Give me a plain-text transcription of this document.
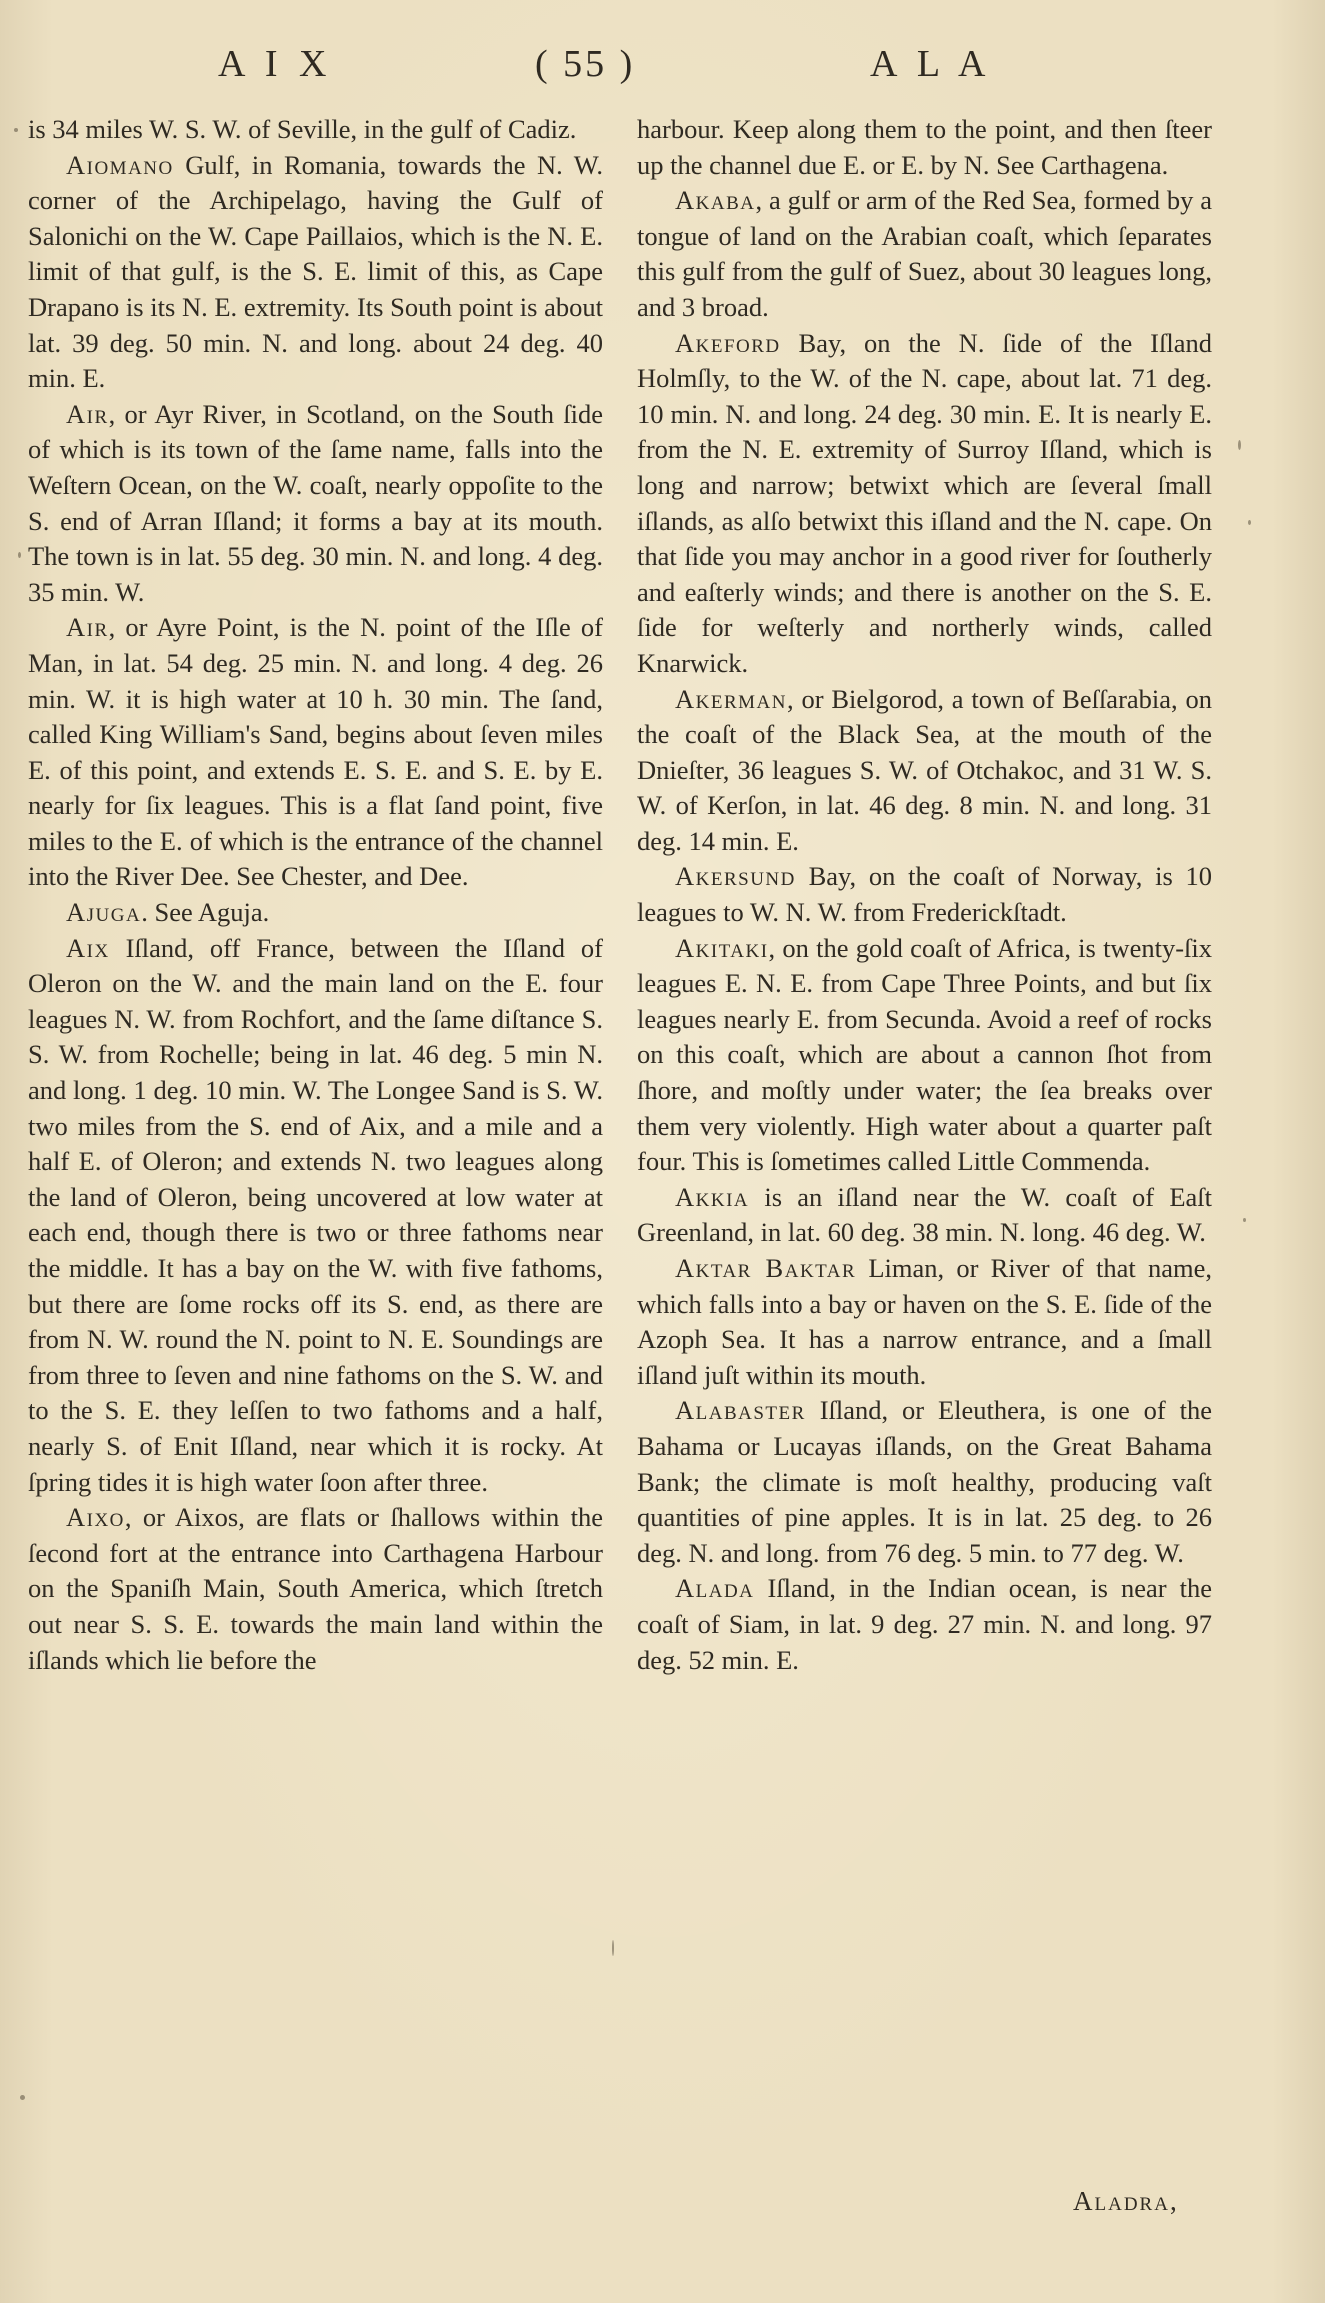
A I X	( 55 )	A L A

is 34 miles W. S. W. of Seville, in the gulf of Cadiz.

Aiomano Gulf, in Romania, towards the N. W. corner of the Archipelago, having the Gulf of Salonichi on the W. Cape Paillaios, which is the N. E. limit of that gulf, is the S. E. limit of this, as Cape Drapano is its N. E. extremity. Its South point is about lat. 39 deg. 50 min. N. and long. about 24 deg. 40 min. E.

Air, or Ayr River, in Scotland, on the South ſide of which is its town of the ſame name, falls into the Weſtern Ocean, on the W. coaſt, nearly oppoſite to the S. end of Arran Iſland; it forms a bay at its mouth. The town is in lat. 55 deg. 30 min. N. and long. 4 deg. 35 min. W.

Air, or Ayre Point, is the N. point of the Iſle of Man, in lat. 54 deg. 25 min. N. and long. 4 deg. 26 min. W. it is high water at 10 h. 30 min. The ſand, called King William's Sand, begins about ſeven miles E. of this point, and extends E. S. E. and S. E. by E. nearly for ſix leagues. This is a flat ſand point, five miles to the E. of which is the entrance of the channel into the River Dee. See Chester, and Dee.

Ajuga. See Aguja.

Aix Iſland, off France, between the Iſland of Oleron on the W. and the main land on the E. four leagues N. W. from Rochfort, and the ſame diſtance S. S. W. from Rochelle; being in lat. 46 deg. 5 min N. and long. 1 deg. 10 min. W. The Longee Sand is S. W. two miles from the S. end of Aix, and a mile and a half E. of Oleron; and extends N. two leagues along the land of Oleron, being uncovered at low water at each end, though there is two or three fathoms near the middle. It has a bay on the W. with five fathoms, but there are ſome rocks off its S. end, as there are from N. W. round the N. point to N. E. Soundings are from three to ſeven and nine fathoms on the S. W. and to the S. E. they leſſen to two fathoms and a half, nearly S. of Enit Iſland, near which it is rocky. At ſpring tides it is high water ſoon after three.

Aixo, or Aixos, are flats or ſhallows within the ſecond fort at the entrance into Carthagena Harbour on the Spaniſh Main, South America, which ſtretch out near S. S. E. towards the main land within the iſlands which lie before the

harbour. Keep along them to the point, and then ſteer up the channel due E. or E. by N. See Carthagena.

Akaba, a gulf or arm of the Red Sea, formed by a tongue of land on the Arabian coaſt, which ſeparates this gulf from the gulf of Suez, about 30 leagues long, and 3 broad.

Akeford Bay, on the N. ſide of the Iſland Holmſly, to the W. of the N. cape, about lat. 71 deg. 10 min. N. and long. 24 deg. 30 min. E. It is nearly E. from the N. E. extremity of Surroy Iſland, which is long and narrow; betwixt which are ſeveral ſmall iſlands, as alſo betwixt this iſland and the N. cape. On that ſide you may anchor in a good river for ſoutherly and eaſterly winds; and there is another on the S. E. ſide for weſterly and northerly winds, called Knarwick.

Akerman, or Bielgorod, a town of Beſſarabia, on the coaſt of the Black Sea, at the mouth of the Dnieſter, 36 leagues S. W. of Otchakoc, and 31 W. S. W. of Kerſon, in lat. 46 deg. 8 min. N. and long. 31 deg. 14 min. E.

Akersund Bay, on the coaſt of Norway, is 10 leagues to W. N. W. from Frederickſtadt.

Akitaki, on the gold coaſt of Africa, is twenty-ſix leagues E. N. E. from Cape Three Points, and but ſix leagues nearly E. from Secunda. Avoid a reef of rocks on this coaſt, which are about a cannon ſhot from ſhore, and moſtly under water; the ſea breaks over them very violently. High water about a quarter paſt four. This is ſometimes called Little Commenda.

Akkia is an iſland near the W. coaſt of Eaſt Greenland, in lat. 60 deg. 38 min. N. long. 46 deg. W.

Aktar Baktar Liman, or River of that name, which falls into a bay or haven on the S. E. ſide of the Azoph Sea. It has a narrow entrance, and a ſmall iſland juſt within its mouth.

Alabaster Iſland, or Eleuthera, is one of the Bahama or Lucayas iſlands, on the Great Bahama Bank; the climate is moſt healthy, producing vaſt quantities of pine apples. It is in lat. 25 deg. to 26 deg. N. and long. from 76 deg. 5 min. to 77 deg. W.

Alada Iſland, in the Indian ocean, is near the coaſt of Siam, in lat. 9 deg. 27 min. N. and long. 97 deg. 52 min. E.

Aladra,
